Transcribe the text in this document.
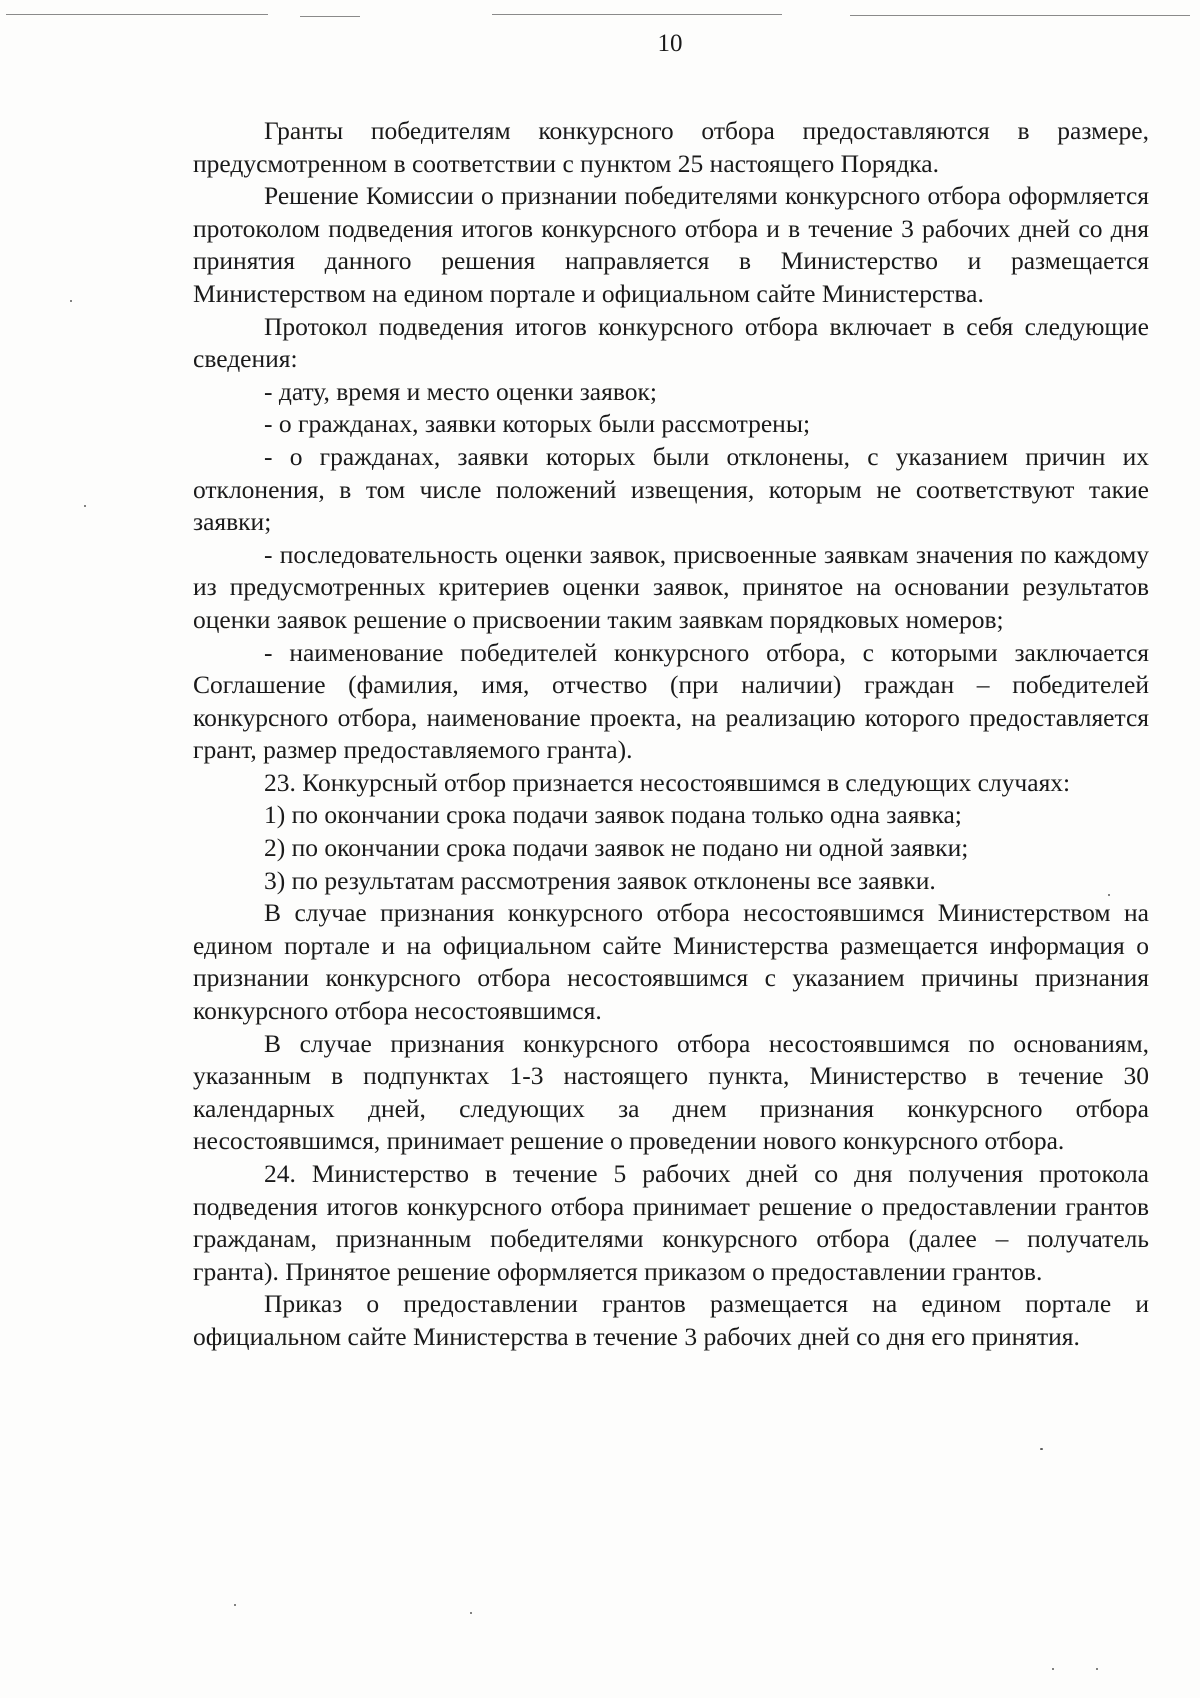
10

Гранты победителям конкурсного отбора предоставляются в размере, предусмотренном в соответствии с пунктом 25 настоящего Порядка.

Решение Комиссии о признании победителями конкурсного отбора оформляется протоколом подведения итогов конкурсного отбора и в течение 3 рабочих дней со дня принятия данного решения направляется в Министерство и размещается Министерством на едином портале и официальном сайте Министерства.

Протокол подведения итогов конкурсного отбора включает в себя следующие сведения:

- дату, время и место оценки заявок;

- о гражданах, заявки которых были рассмотрены;

- о гражданах, заявки которых были отклонены, с указанием причин их отклонения, в том числе положений извещения, которым не соответствуют такие заявки;

- последовательность оценки заявок, присвоенные заявкам значения по каждому из предусмотренных критериев оценки заявок, принятое на основании результатов оценки заявок решение о присвоении таким заявкам порядковых номеров;

- наименование победителей конкурсного отбора, с которыми заключается Соглашение (фамилия, имя, отчество (при наличии) граждан – победителей конкурсного отбора, наименование проекта, на реализацию которого предоставляется грант, размер предоставляемого гранта).

23. Конкурсный отбор признается несостоявшимся в следующих случаях:

1) по окончании срока подачи заявок подана только одна заявка;

2) по окончании срока подачи заявок не подано ни одной заявки;

3) по результатам рассмотрения заявок отклонены все заявки.

В случае признания конкурсного отбора несостоявшимся Министерством на едином портале и на официальном сайте Министерства размещается информация о признании конкурсного отбора несостоявшимся с указанием причины признания конкурсного отбора несостоявшимся.

В случае признания конкурсного отбора несостоявшимся по основаниям, указанным в подпунктах 1-3 настоящего пункта, Министерство в течение 30 календарных дней, следующих за днем признания конкурсного отбора несостоявшимся, принимает решение о проведении нового конкурсного отбора.

24. Министерство в течение 5 рабочих дней со дня получения протокола подведения итогов конкурсного отбора принимает решение о предоставлении грантов гражданам, признанным победителями конкурсного отбора (далее – получатель гранта). Принятое решение оформляется приказом о предоставлении грантов.

Приказ о предоставлении грантов размещается на едином портале и официальном сайте Министерства в течение 3 рабочих дней со дня его принятия.
